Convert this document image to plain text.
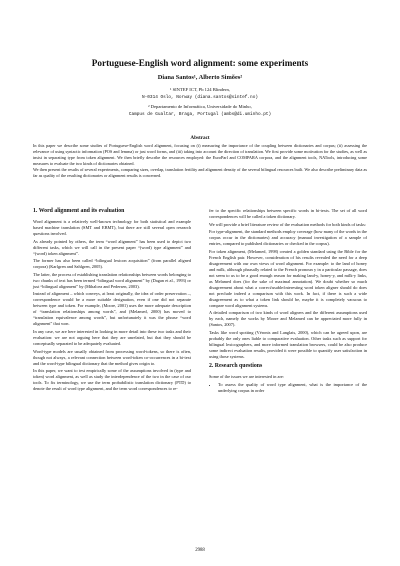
Portuguese-English word alignment: some experiments
Diana Santos¹, Alberto Simões²
¹ SINTEF ICT, Pb 124 Blindern,
N-0314 Oslo, Norway (diana.santos@sintef.no)
² Departamento de Informática, Universidade do Minho,
Campus de Gualtar, Braga, Portugal (ambs@di.uminho.pt)
Abstract

In this paper we describe some studies of Portuguese-English word alignment, focusing on (i) measuring the importance of the coupling between dictionaries and corpus; (ii) assessing the relevance of using syntactic information (POS and lemma) or just word forms, and (iii) taking into account the direction of translation. We first provide some motivation for the studies, as well as insist in separating type from token alignment. We then briefly describe the resources employed: the EuroParl and COMPARA corpora, and the alignment tools, NATools, introducing some measures to evaluate the two kinds of dictionaries obtained.

We then present the results of several experiments, comparing sizes, overlap, translation fertility and alignment density of the several bilingual resources built. We also describe preliminary data as far as quality of the resulting dictionaries or alignment results is concerned.

1. Word alignment and its evaluation

Word alignment is a relatively well-known technology for both statistical and example based machine translation (SMT and EBMT), but there are still several open research questions involved.

As already pointed by others, the term “word alignment” has been used to depict two different tasks, which we will call in the present paper “(word) type alignment” and “(word) token alignment”.

The former has also been called “bilingual lexicon acquisition” (from parallel aligned corpora) (Karlgren and Sahlgren, 2005).

The latter, the process of establishing translation relationships between words belonging to two chunks of text has been termed “bilingual word alignment” by (Dagan et al., 1993) or just “bilingual alignment” by (Mihalcea and Pedersen, 2003).

Instead of alignment – which conveys, at least originally, the idea of order preservation –, correspondence would be a more suitable designation, even if one did not separate between type and token. For example, (Moore, 2001) uses the more adequate description of “translation relationships among words”, and (Melamed, 2000) has moved to “translation equivalence among words”, but unfortunately it was the phrase “word alignment” that won.

In any case, we are here interested in looking in more detail into these two tasks and their evaluation: we are not arguing here that they are unrelated, but that they should be conceptually separated to be adequately evaluated.

Word-type models are usually obtained from processing word-tokens, so there is often, though not always, a relevant connection between word-token co-occurrences in a bi-text and the word-type bilingual dictionary that the method gives origin to.

In this paper, we want to test empirically some of the assumptions involved in (type and token) word alignment, as well as study the interdependence of the two in the case of our tools. To fix terminology, we use the term probabilistic translation dictionary (PTD) to denote the result of word type alignment, and the term word correspondences to re-

fer to the specific relationships between specific words in bi-texts. The set of all word correspondences will be called a token dictionary.

We will provide a brief literature review of the evaluation methods for both kinds of tasks:

For type-alignment, the standard methods employ coverage (how many of the words in the corpus occur in the dictionaries) and accuracy (manual investigation of a sample of entries, compared to published dictionaries or checked in the corpus).

For token alignment, (Melamed, 1998) created a golden standard using the Bible for the French English pair. However, consideration of his results revealed the need for a deep disagreement with our own views of word alignment. For example: to the land of honey and milk, although phrasally related to the French pronoun y in a particular passage, does not seem to us to be a good enough reason for making land-y, honey-y, and milk-y links, as Melamed does (for the sake of maximal annotation). We doubt whether so much disagreement about what a correct/usable/interesting word token aligner should do does not preclude indeed a comparison with this work. In fact, if there is such a wide disagreement as to what a token link should be, maybe it is completely vacuous to compare word alignment systems.

A detailed comparison of two kinds of word aligners and the different assumptions used by each, namely the works by Moore and Melamed can be appreciated more fully in (Santos, 2007).

Tasks like word spotting (Véronis and Langlais, 2000), which can be agreed upon, are probably the only ones liable to comparative evaluation. Other tasks such as support for bilingual lexicographers, and more informed translation browsers, could be also produce some indirect evaluation results, provided it were possible to quantify user satisfaction in using those systems.

2. Research questions

Some of the issues we are interested in are:

• To assess the quality of word type alignment, what is the importance of the underlying corpus in order
2988
